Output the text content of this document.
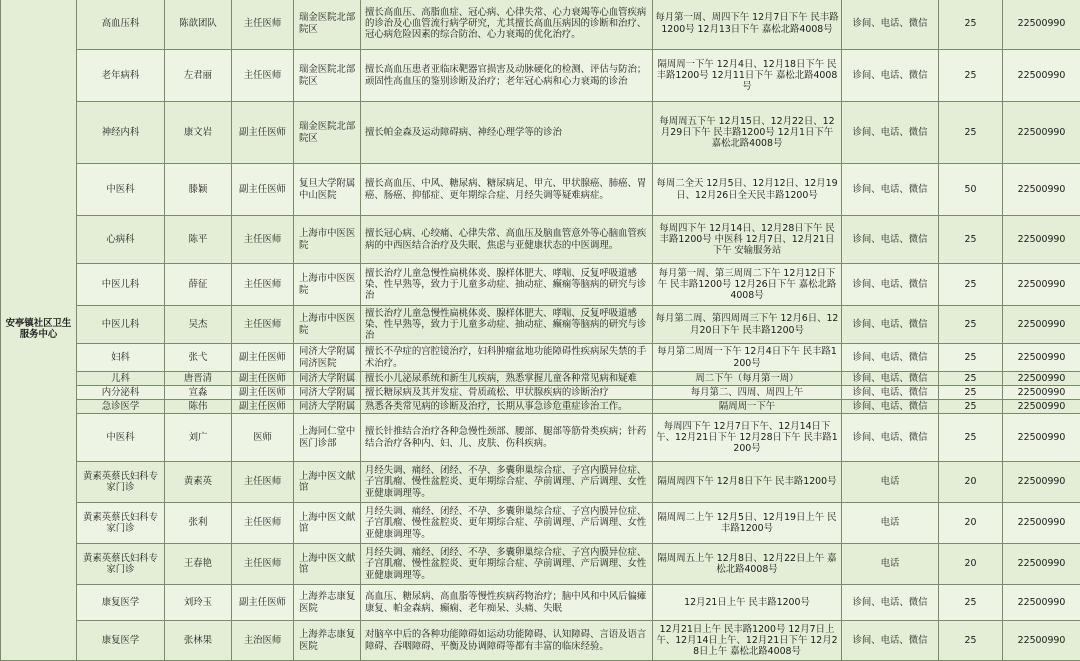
安亭镇社区卫生服务中心	高血压科	陈歆团队	主任医师	瑞金医院北部院区	擅长高血压、高脂血症、冠心病、心律失常、心力衰竭等心血管疾病的诊治及心血管流行病学研究，尤其擅长高血压病因的诊断和治疗、冠心病危险因素的综合防治、心力衰竭的优化治疗。	每月第一周、周四下午 12月7日下午 民丰路1200号 12月13日下午 嘉松北路4008号	诊间、电话、微信	25	22500990
	老年病科	左君丽	主任医师	瑞金医院北部院区	擅长高血压患者亚临床靶器官损害及动脉硬化的检测、评估与防治；顽固性高血压的鉴别诊断及治疗；老年冠心病和心力衰竭的诊治	隔周周一下午 12月4日、12月18日下午 民丰路1200号 12月11日下午 嘉松北路4008号	诊间、电话、微信	25	22500990
	神经内科	康文岩	副主任医师	瑞金医院北部院区	擅长帕金森及运动障碍病、神经心理学等的诊治	每周周五下午 12月15日、12月22日、12月29日下午 民丰路1200号 12月1日下午 嘉松北路4008号	诊间、电话、微信	25	22500990
	中医科	滕颖	副主任医师	复旦大学附属中山医院	擅长高血压、中风、糖尿病、糖尿病足、甲亢、甲状腺癌、肺癌、胃癌、肠癌、抑郁症、更年期综合症、月经失调等疑难病症。	每周二全天 12月5日、12月12日、12月19日、12月26日全天民丰路1200号	诊间、电话、微信	50	22500990
	心病科	陈平	主任医师	上海市中医医院	擅长冠心病、心绞痛、心律失常、高血压及脑血管意外等心脑血管疾病的中西医结合治疗及失眠、焦虑与亚健康状态的中医调理。	每周四下午 12月14日、12月28日下午 民丰路1200号 中医科 12月7日、12月21日下午 安输服务站	诊间、电话、微信	25	22500990
	中医儿科	薛征	主任医师	上海市中医医院	擅长治疗儿童急慢性扁桃体炎、腺样体肥大、哮喘、反复呼吸道感染、性早熟等，致力于儿童多动症、抽动症、癫痫等脑病的研究与诊治	每月第一周、第三周周二下午 12月12日下午 民丰路1200号 12月26日下午 嘉松北路4008号	诊间、电话、微信	25	22500990
	中医儿科	吴杰	主任医师	上海市中医医院	擅长治疗儿童急慢性扁桃体炎、腺样体肥大、哮喘、反复呼吸道感染、性早熟等，致力于儿童多动症、抽动症、癫痫等脑病的研究与诊治	每月第二周、第四周周三下午 12月6日、12月20日下午 民丰路1200号	诊间、电话、微信	25	22500990
	妇科	张弋	副主任医师	同济大学附属同济医院	擅长不孕症的宫腔镜治疗，妇科肿瘤盆地功能障碍性疾病尿失禁的手术治疗。	每月第二周周一下午 12月4日下午 民丰路1200号	诊间、电话、微信	25	22500990
	儿科	唐晋清	副主任医师	同济大学附属	擅长小儿泌尿系统和新生儿疾病，熟悉掌握儿童各种常见病和疑难	周二下午（每月第一周）	诊间、电话、微信	25	22500990
	内分泌科	宣淼	副主任医师	同济大学附属	擅长糖尿病及其并发症、骨质疏松、甲状腺疾病的诊断治疗	每月第二、四周、周四上午	诊间、电话、微信	25	22500990
	急诊医学	陈伟	副主任医师	同济大学附属	熟悉各类常见病的诊断及治疗，长期从事急诊危重症诊治工作。	隔周周一下午	诊间、电话、微信	25	22500990
	中医科	刘广	医师	上海同仁堂中医门诊部	擅长针推结合治疗各种急慢性颈部、腰部、腿部等筋骨类疾病；针药结合治疗各种内、妇、儿、皮肤、伤科疾病。	每周四下午 12月7日下午、12月14日下午、12月21日下午 12月28日下午 民丰路1200号	诊间、电话、微信	25	22500990
	黄素英蔡氏妇科专家门诊	黄素英	主任医师	上海中医文献馆	月经失调、痛经、闭经、不孕、多囊卵巢综合症、子宫内膜异位症、子宫肌瘤、慢性盆腔炎、更年期综合症、孕前调理、产后调理、女性亚健康调理等。	隔周周四下午 12月8日下午 民丰路1200号	电话	20	22500990
	黄素英蔡氏妇科专家门诊	张利	主任医师	上海中医文献馆	月经失调、痛经、闭经、不孕、多囊卵巢综合症、子宫内膜异位症、子宫肌瘤、慢性盆腔炎、更年期综合症、孕前调理、产后调理、女性亚健康调理等。	隔周周二上午 12月5日、12月19日上午 民丰路1200号	电话	20	22500990
	黄素英蔡氏妇科专家门诊	王春艳	主任医师	上海中医文献馆	月经失调、痛经、闭经、不孕、多囊卵巢综合症、子宫内膜异位症、子宫肌瘤、慢性盆腔炎、更年期综合症、孕前调理、产后调理、女性亚健康调理等。	隔周周五上午 12月8日、12月22日上午 嘉松北路4008号	电话	20	22500990
	康复医学	刘玲玉	副主任医师	上海养志康复医院	高血压、糖尿病、高血脂等慢性疾病药物治疗；脑中风和中风后偏瘫康复、帕金森病、癫痫、老年痴呆、头痛、失眠	12月21日上午 民丰路1200号	诊间、电话、微信	25	22500990
	康复医学	张林果	主治医师	上海养志康复医院	对脑卒中后的各种功能障碍如运动功能障碍、认知障碍、言语及语言障碍、吞咽障碍、平衡及协调障碍等都有丰富的临床经验。	12月21日上午 民丰路1200号 12月7日上午、12月14日上午、12月21日下午 12月28日上午 嘉松北路4008号	诊间、电话、微信	25	22500990
